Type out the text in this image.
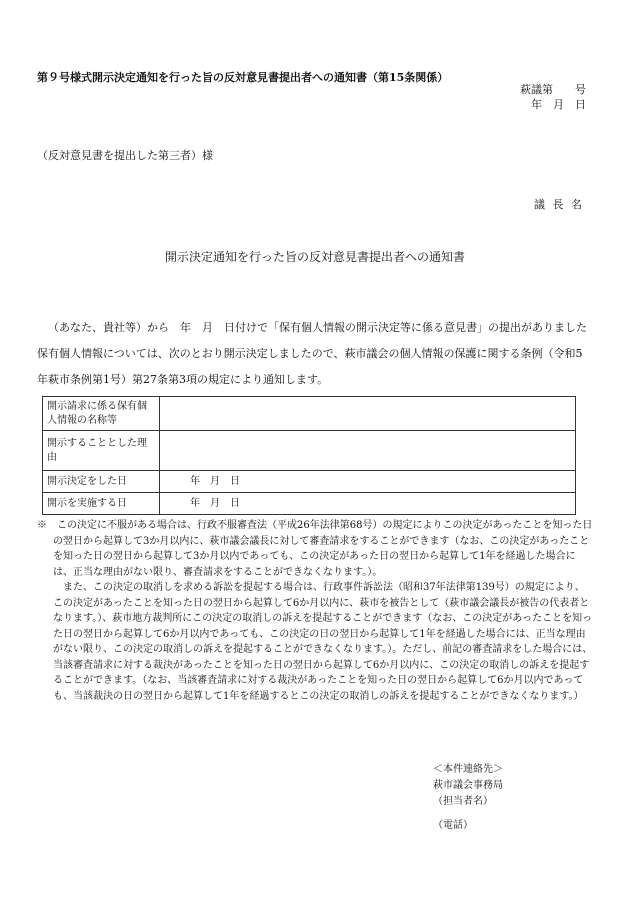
第９号様式開示決定通知を行った旨の反対意見書提出者への通知書（第15条関係）
萩議第　　号
年　月　日
（反対意見書を提出した第三者）様
議 長 名
開示決定通知を行った旨の反対意見書提出者への通知書

（あなた、貴社等）から　年　月　日付けで「保有個人情報の開示決定等に係る意見書」の提出がありました保有個人情報については、次のとおり開示決定しましたので、萩市議会の個人情報の保護に関する条例（令和5年萩市条例第1号）第27条第3項の規定により通知します。

開示請求に係る保有個人情報の名称等	
開示することとした理由	
開示決定をした日	年　月　日
開示を実施する日	年　月　日

※　この決定に不服がある場合は、行政不服審査法（平成26年法律第68号）の規定によりこの決定があったことを知った日の翌日から起算して3か月以内に、萩市議会議長に対して審査請求をすることができます（なお、この決定があったことを知った日の翌日から起算して3か月以内であっても、この決定があった日の翌日から起算して1年を経過した場合には、正当な理由がない限り、審査請求をすることができなくなります。）。

また、この決定の取消しを求める訴訟を提起する場合は、行政事件訴訟法（昭和37年法律第139号）の規定により、この決定があったことを知った日の翌日から起算して6か月以内に、萩市を被告として（萩市議会議長が被告の代表者となります。）、萩市地方裁判所にこの決定の取消しの訴えを提起することができます（なお、この決定があったことを知った日の翌日から起算して6か月以内であっても、この決定の日の翌日から起算して1年を経過した場合には、正当な理由がない限り、この決定の取消しの訴えを提起することができなくなります。）。ただし、前記の審査請求をした場合には、当該審査請求に対する裁決があったことを知った日の翌日から起算して6か月以内に、この決定の取消しの訴えを提起することができます。（なお、当該審査請求に対する裁決があったことを知った日の翌日から起算して6か月以内であっても、当該裁決の日の翌日から起算して1年を経過するとこの決定の取消しの訴えを提起することができなくなります。）

＜本件連絡先＞
萩市議会事務局
（担当者名）
（電話）
